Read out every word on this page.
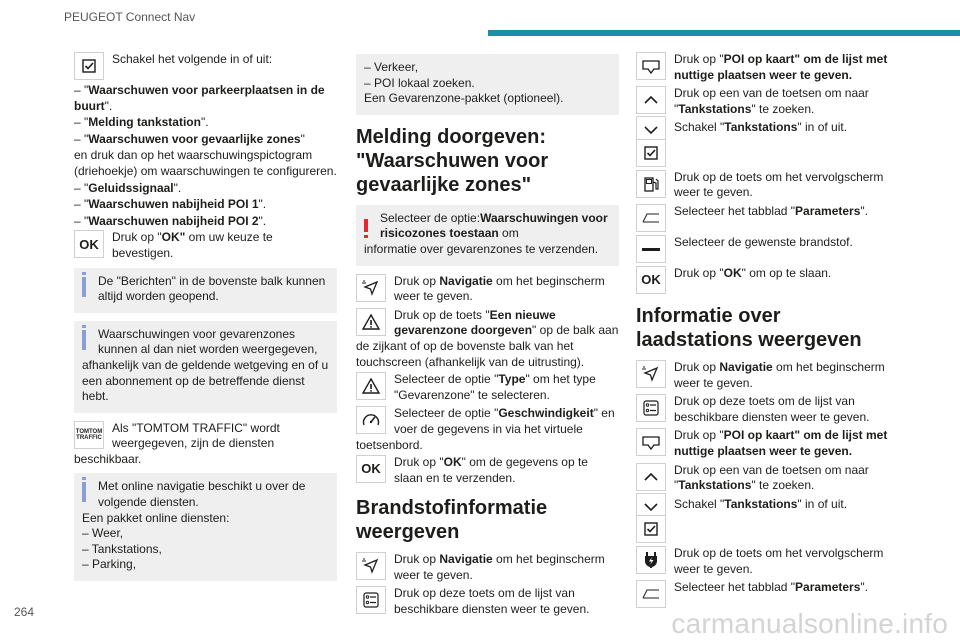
PEUGEOT Connect Nav
Schakel het volgende in of uit:
– "Waarschuwen voor parkeerplaatsen in de buurt".
– "Melding tankstation".
– "Waarschuwen voor gevaarlijke zones"
en druk dan op het waarschuwingspictogram (driehoekje) om waarschuwingen te configureren.
– "Geluidssignaal".
– "Waarschuwen nabijheid POI 1".
– "Waarschuwen nabijheid POI 2".
OK	Druk op "OK" om uw keuze te bevestigen.
De "Berichten" in de bovenste balk kunnen altijd worden geopend.
Waarschuwingen voor gevarenzones kunnen al dan niet worden weergegeven,
afhankelijk van de geldende wetgeving en of u een abonnement op de betreffende dienst hebt.
TOMTOM TRAFFIC
Als "TOMTOM TRAFFIC" wordt weergegeven, zijn de diensten
beschikbaar.
Met online navigatie beschikt u over de volgende diensten.
Een pakket online diensten:
– Weer,
– Tankstations,
– Parking,
– Verkeer,
– POI lokaal zoeken.
Een Gevarenzone-pakket (optioneel).
Melding doorgeven: "Waarschuwen voor gevaarlijke zones"
Selecteer de optie:Waarschuwingen voor risicozones toestaan om
informatie over gevarenzones te verzenden.
Druk op Navigatie om het beginscherm weer te geven.
Druk op de toets "Een nieuwe gevarenzone doorgeven" op de balk aan de zijkant of op de bovenste balk van het touchscreen (afhankelijk van de uitrusting).
Selecteer de optie "Type" om het type "Gevarenzone" te selecteren.
Selecteer de optie "Geschwindigkeit" en voer de gegevens in via het virtuele toetsenbord.
OK	Druk op "OK" om de gegevens op te slaan en te verzenden.
Brandstofinformatie weergeven
Druk op Navigatie om het beginscherm weer te geven.
Druk op deze toets om de lijst van beschikbare diensten weer te geven.
Druk op "POI op kaart" om de lijst met nuttige plaatsen weer te geven.
Druk op een van de toetsen om naar "Tankstations" te zoeken.
Schakel "Tankstations" in of uit.
Druk op de toets om het vervolgscherm weer te geven.
Selecteer het tabblad "Parameters".
Selecteer de gewenste brandstof.
OK	Druk op "OK" om op te slaan.
Informatie over laadstations weergeven
Druk op Navigatie om het beginscherm weer te geven.
Druk op deze toets om de lijst van beschikbare diensten weer te geven.
Druk op "POI op kaart" om de lijst met nuttige plaatsen weer te geven.
Druk op een van de toetsen om naar "Tankstations" te zoeken.
Schakel "Tankstations" in of uit.
Druk op de toets om het vervolgscherm weer te geven.
Selecteer het tabblad "Parameters".
264	carmanualsonline.info
